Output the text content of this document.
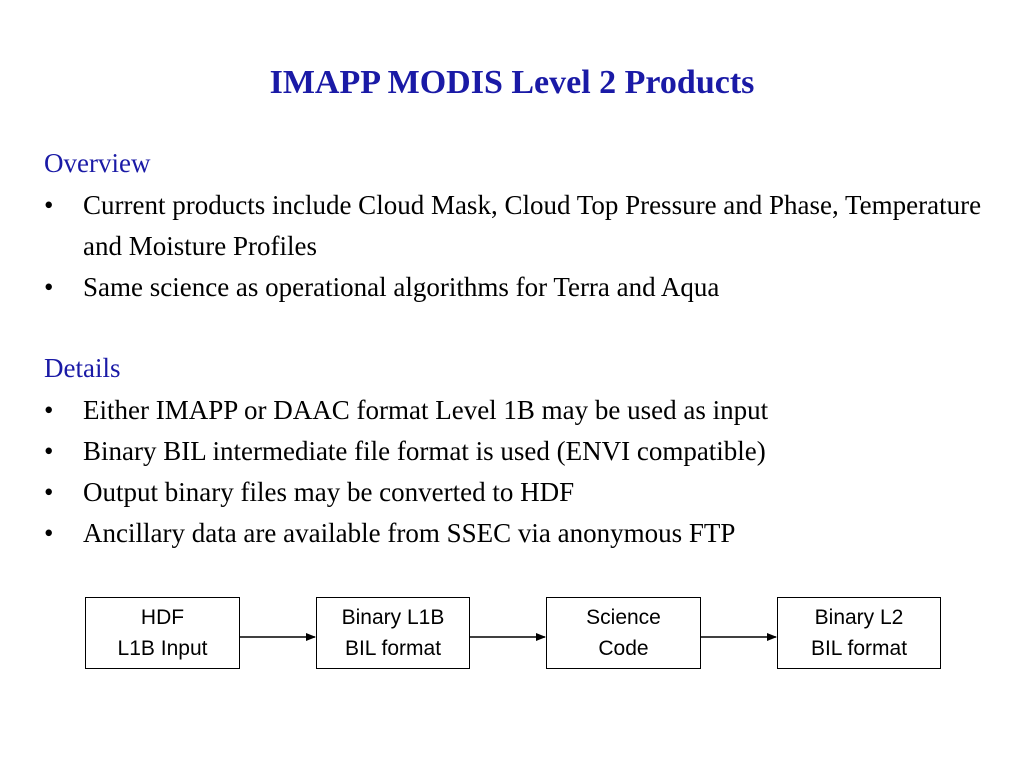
IMAPP MODIS Level 2 Products
Overview
• Current products include Cloud Mask, Cloud Top Pressure and Phase, Temperature and Moisture Profiles
• Same science as operational algorithms for Terra and Aqua
Details
• Either IMAPP or DAAC format Level 1B may be used as input
• Binary BIL intermediate file format is used (ENVI compatible)
• Output binary files may be converted to HDF
• Ancillary data are available from SSEC via anonymous FTP
HDF
L1B Input
Binary L1B
BIL format
Science
Code
Binary L2
BIL format
